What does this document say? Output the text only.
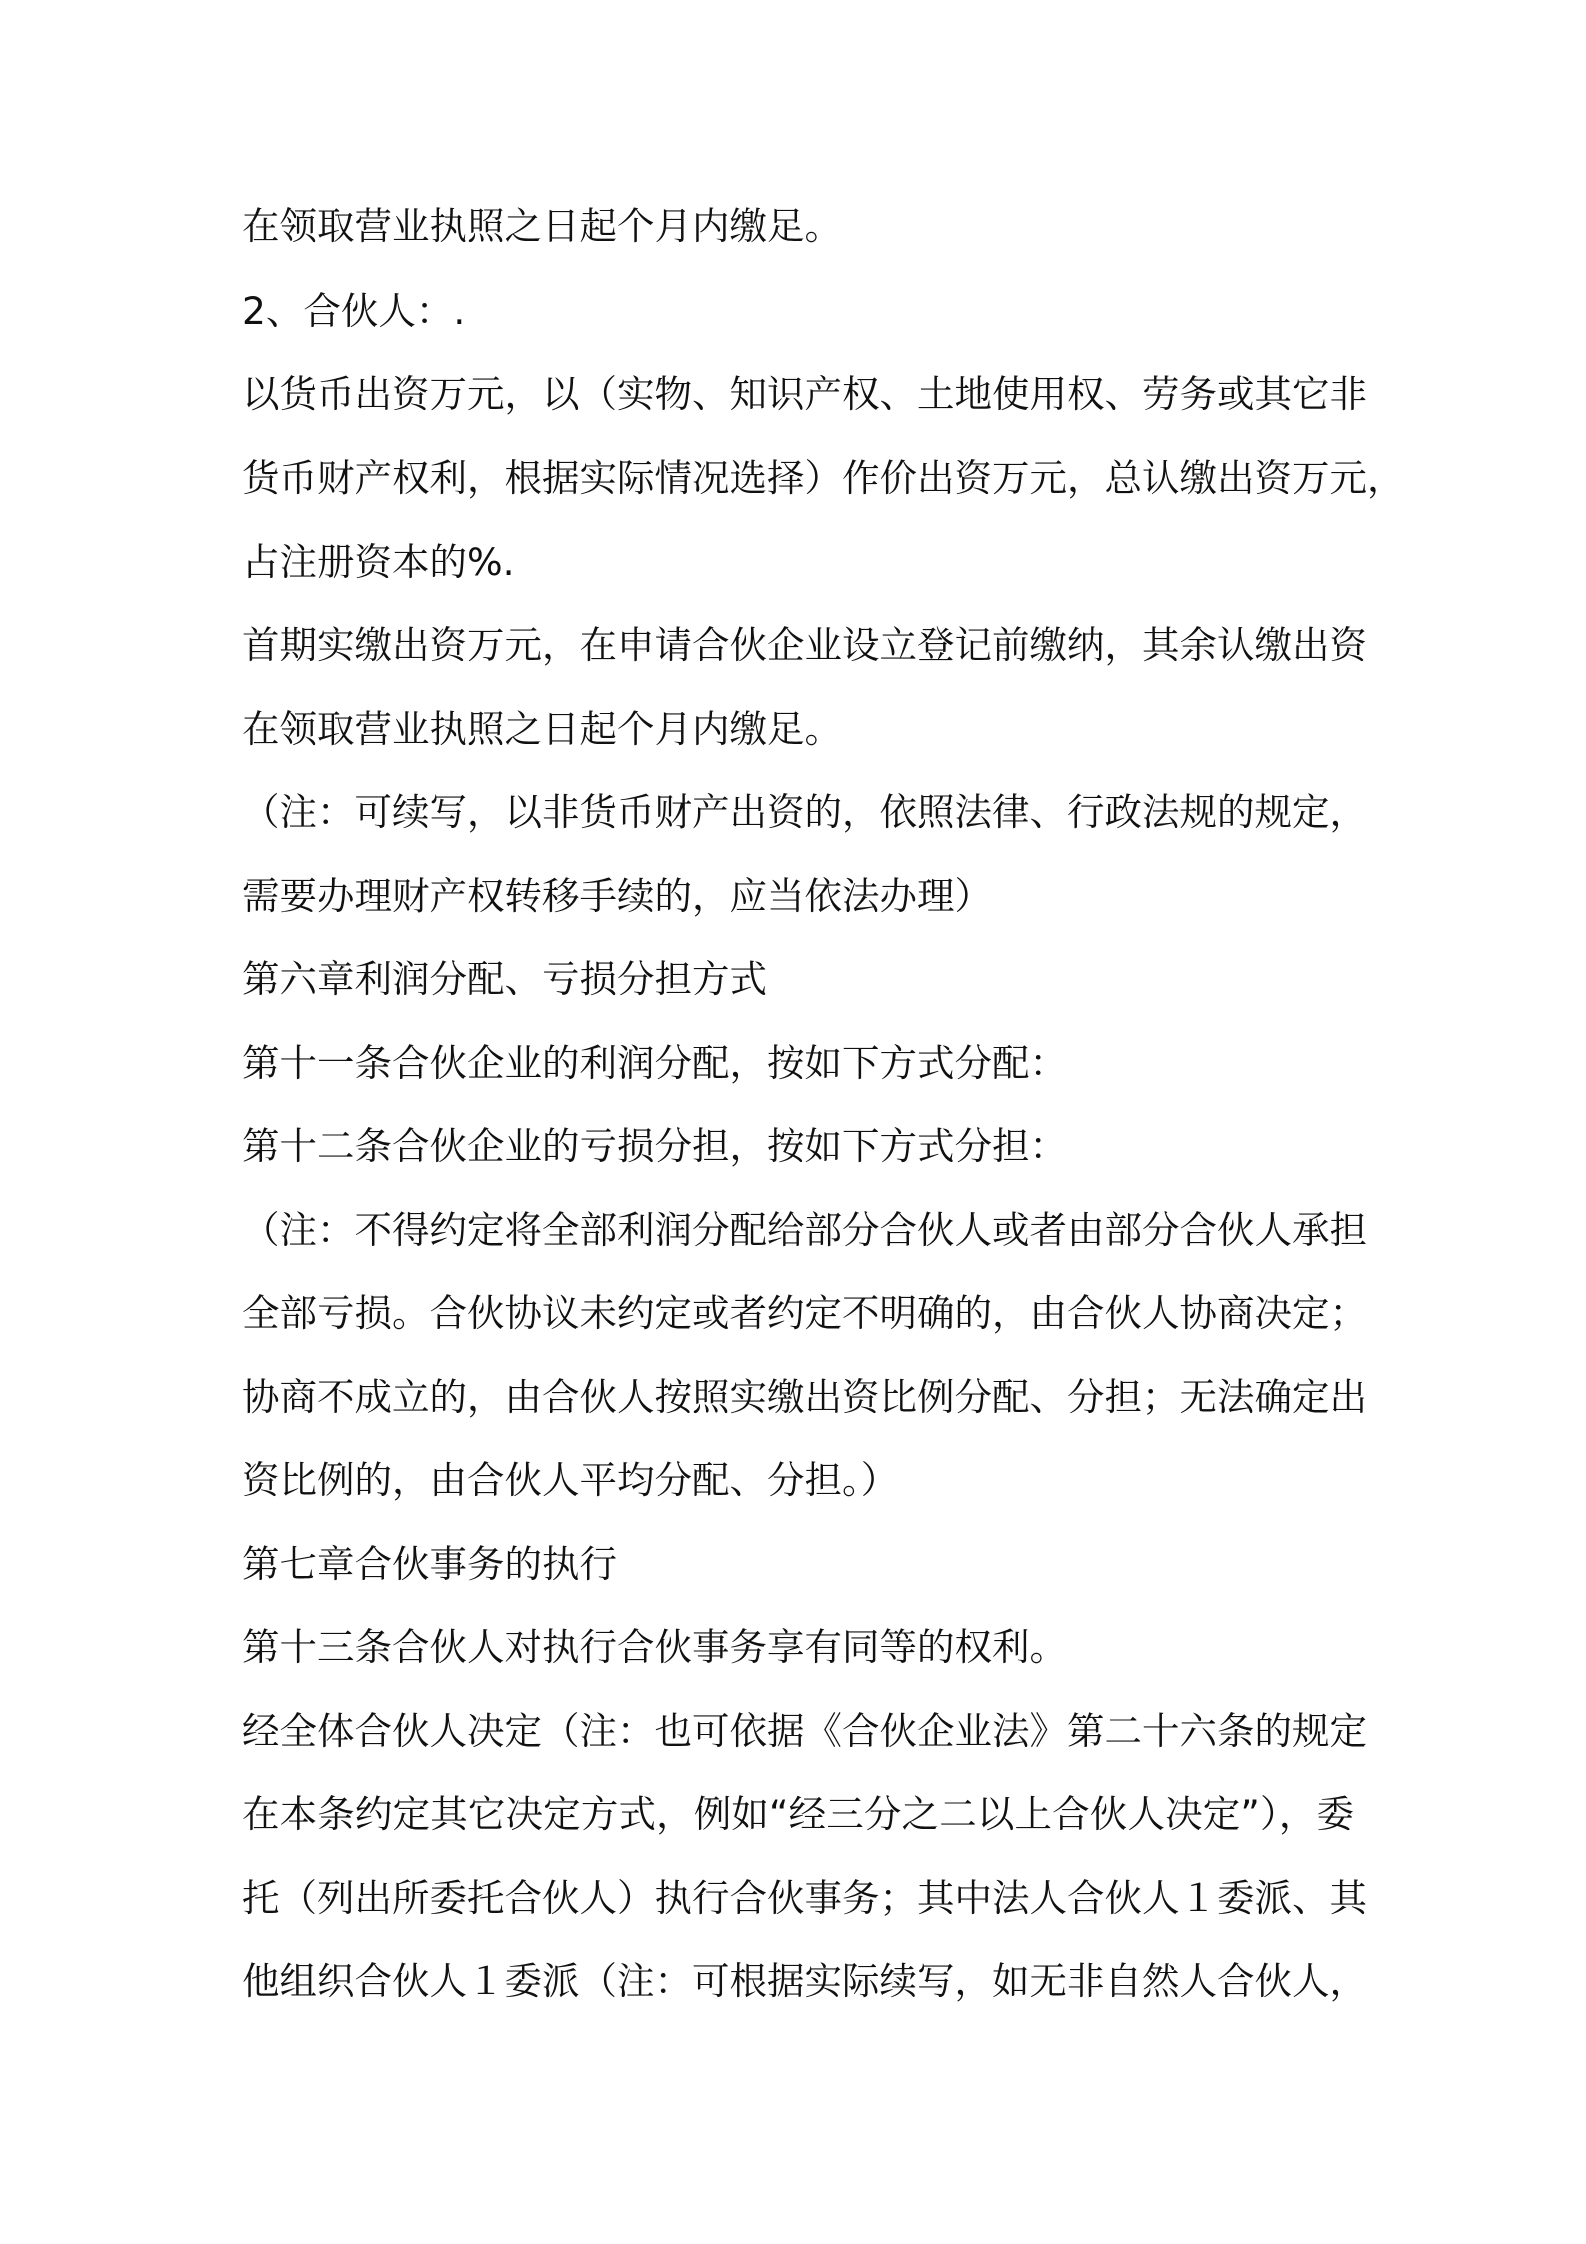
在领取营业执照之日起个月内缴足。

2、合伙人：.

以货币出资万元，以（实物、知识产权、土地使用权、劳务或其它非

货币财产权利，根据实际情况选择）作价出资万元，总认缴出资万元，

占注册资本的%.

首期实缴出资万元，在申请合伙企业设立登记前缴纳，其余认缴出资

在领取营业执照之日起个月内缴足。

（注：可续写，以非货币财产出资的，依照法律、行政法规的规定，

需要办理财产权转移手续的，应当依法办理）

第六章利润分配、亏损分担方式

第十一条合伙企业的利润分配，按如下方式分配：

第十二条合伙企业的亏损分担，按如下方式分担：

（注：不得约定将全部利润分配给部分合伙人或者由部分合伙人承担

全部亏损。合伙协议未约定或者约定不明确的，由合伙人协商决定；

协商不成立的，由合伙人按照实缴出资比例分配、分担；无法确定出

资比例的，由合伙人平均分配、分担。）

第七章合伙事务的执行

第十三条合伙人对执行合伙事务享有同等的权利。

经全体合伙人决定（注：也可依据《合伙企业法》第二十六条的规定

在本条约定其它决定方式，例如“经三分之二以上合伙人决定”），委

托（列出所委托合伙人）执行合伙事务；其中法人合伙人１委派、其

他组织合伙人１委派（注：可根据实际续写，如无非自然人合伙人，
